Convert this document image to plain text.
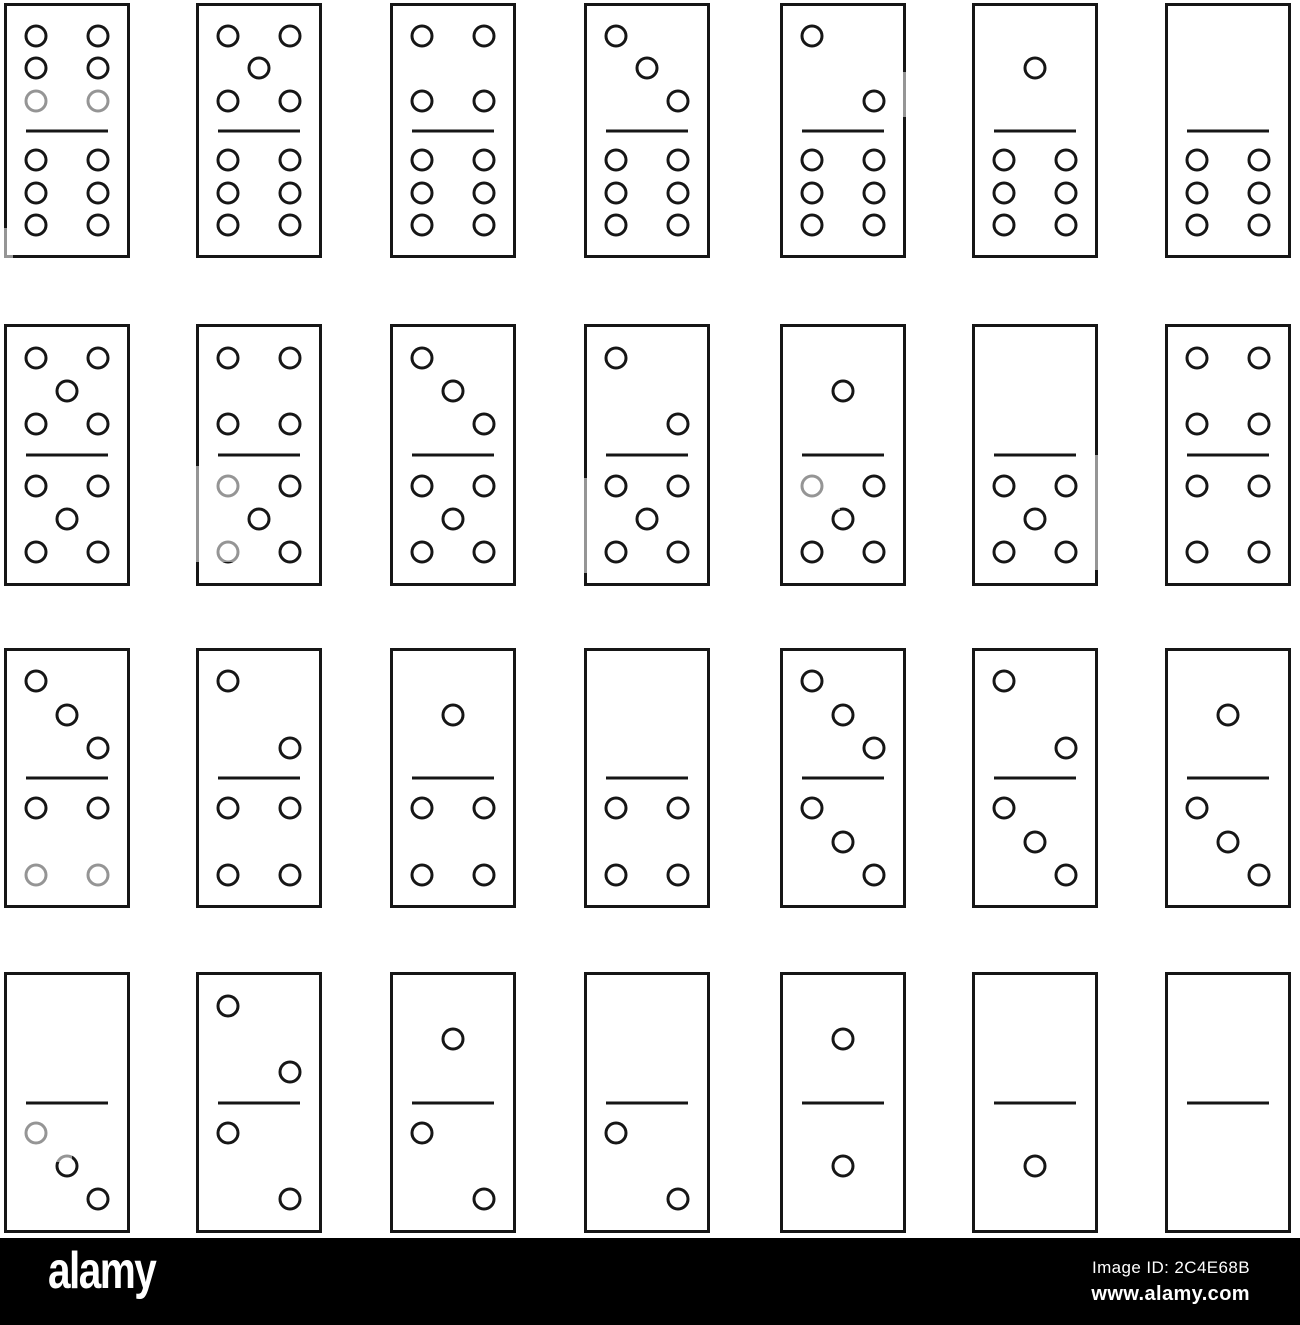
alamy	Image ID: 2C4E68B
www.alamy.com
